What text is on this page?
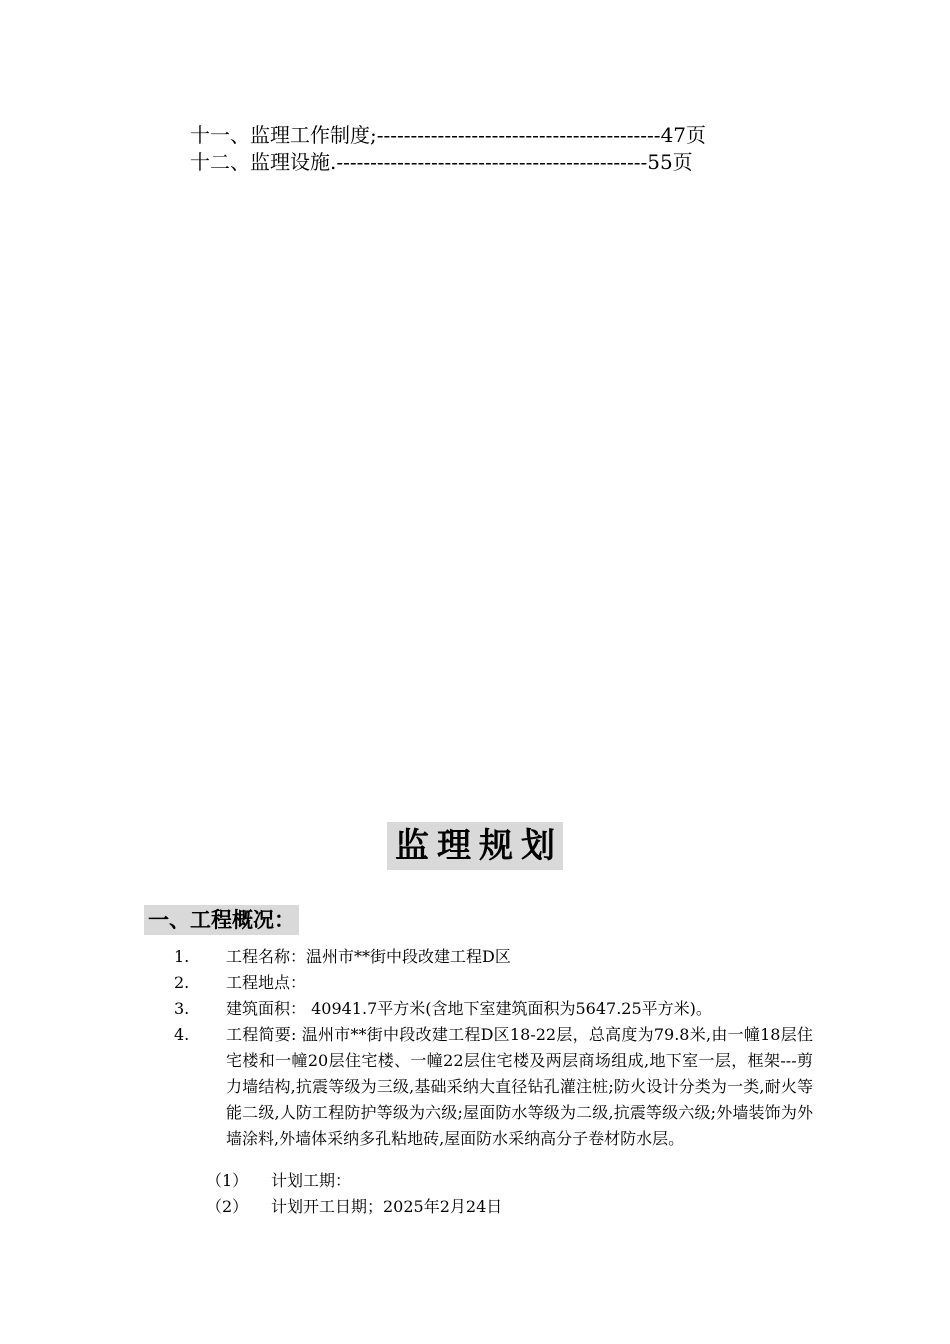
十一、监理工作制度;------------------------------------------47页
十二、监理设施.----------------------------------------------55页
监理规划
一、工程概况：
1.	工程名称：温州市**街中段改建工程D区
2.	工程地点：
3.	建筑面积： 40941.7平方米(含地下室建筑面积为5647.25平方米)。
4.	工程简要: 温州市**街中段改建工程D区18-22层，总高度为79.8米,由一幢18层住宅楼和一幢20层住宅楼、一幢22层住宅楼及两层商场组成,地下室一层，框架---剪力墙结构,抗震等级为三级,基础采纳大直径钻孔灌注桩;防火设计分类为一类,耐火等能二级,人防工程防护等级为六级;屋面防水等级为二级,抗震等级六级;外墙装饰为外墙涂料,外墙体采纳多孔粘地砖,屋面防水采纳高分子卷材防水层。
（1） 计划工期：
（2） 计划开工日期；2025年2月24日
